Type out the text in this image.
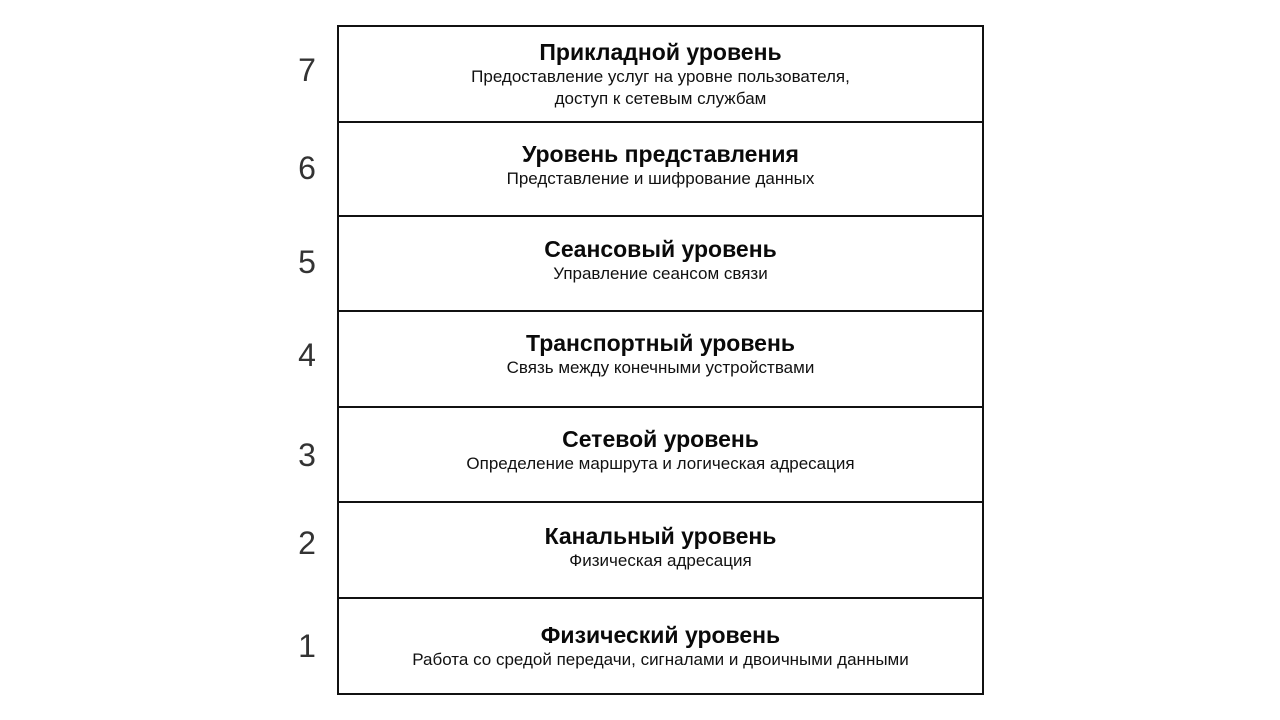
7
6
5
4
3
2
1
Прикладной уровень
Предоставление услуг на уровне пользователя,
доступ к сетевым службам
Уровень представления
Представление и шифрование данных
Сеансовый уровень
Управление сеансом связи
Транспортный уровень
Связь между конечными устройствами
Сетевой уровень
Определение маршрута и логическая адресация
Канальный уровень
Физическая адресация
Физический уровень
Работа со средой передачи, сигналами и двоичными данными
